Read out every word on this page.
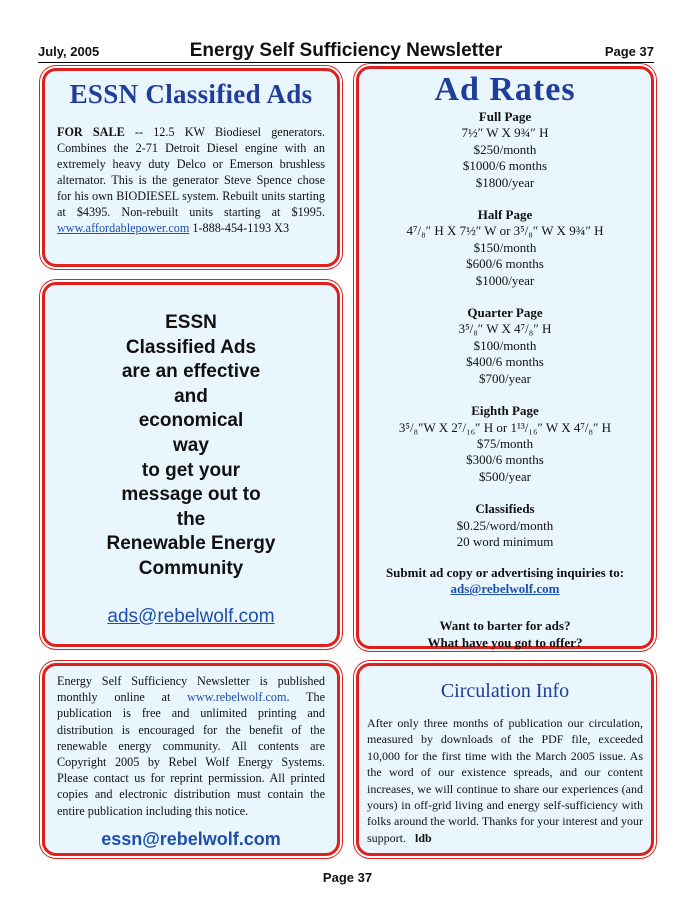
July, 2005	Energy Self Sufficiency Newsletter	Page 37
ESSN Classified Ads
FOR SALE -- 12.5 KW Biodiesel generators. Combines the 2-71 Detroit Diesel engine with an extremely heavy duty Delco or Emerson brushless alternator. This is the generator Steve Spence chose for his own BIODIESEL system. Rebuilt units starting at $4395. Non-rebuilt units starting at $1995. www.affordablepower.com 1-888-454-1193 X3
ESSN
Classified Ads
are an effective
and
economical
way
to get your
message out to
the
Renewable Energy
Community
ads@rebelwolf.com
Energy Self Sufficiency Newsletter is published monthly online at www.rebelwolf.com. The publication is free and unlimited printing and distribution is encouraged for the benefit of the renewable energy community. All contents are Copyright 2005 by Rebel Wolf Energy Systems. Please contact us for reprint permission. All printed copies and electronic distribution must contain the entire publication including this notice.
essn@rebelwolf.com
Ad Rates
Full Page
7½″ W X 9¾″ H
$250/month
$1000/6 months
$1800/year
Half Page
4⁷/₈″ H X 7½″ W or 3⁵/₈″ W X 9¾″ H
$150/month
$600/6 months
$1000/year
Quarter Page
3⁵/₈″ W X 4⁷/₈″ H
$100/month
$400/6 months
$700/year
Eighth Page
3⁵/₈″W X 2⁷/₁₆″ H or 1¹³/₁₆″ W X 4⁷/₈″ H
$75/month
$300/6 months
$500/year
Classifieds
$0.25/word/month
20 word minimum
Submit ad copy or advertising inquiries to:
ads@rebelwolf.com
Want to barter for ads?
What have you got to offer?
Circulation Info
After only three months of publication our circulation, measured by downloads of the PDF file, exceeded 10,000 for the first time with the March 2005 issue. As the word of our existence spreads, and our content increases, we will continue to share our experiences (and yours) in off-grid living and energy self-sufficiency with folks around the world. Thanks for your interest and your support. ldb
Page 37
